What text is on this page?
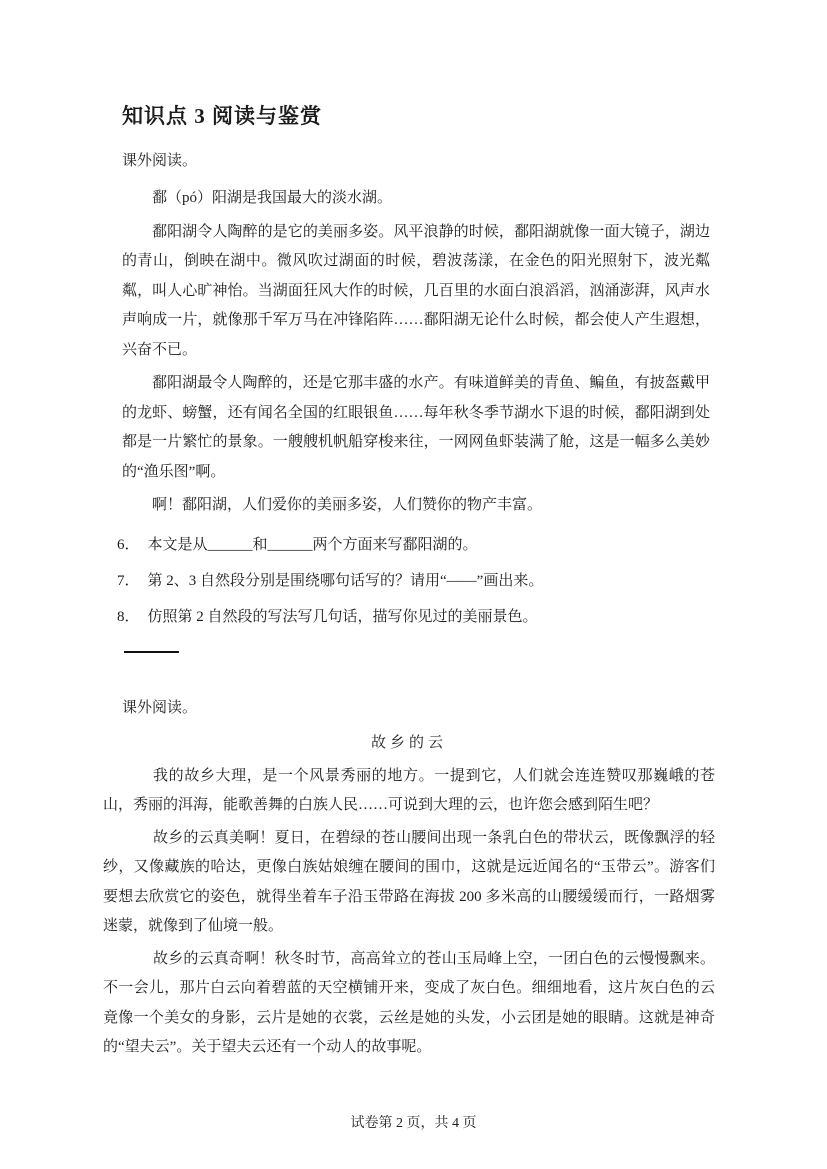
知识点 3 阅读与鉴赏
课外阅读。

鄱（pó）阳湖是我国最大的淡水湖。

鄱阳湖令人陶醉的是它的美丽多姿。风平浪静的时候，鄱阳湖就像一面大镜子，湖边的青山，倒映在湖中。微风吹过湖面的时候，碧波荡漾，在金色的阳光照射下，波光粼粼，叫人心旷神怡。当湖面狂风大作的时候，几百里的水面白浪滔滔，汹涌澎湃，风声水声响成一片，就像那千军万马在冲锋陷阵……鄱阳湖无论什么时候，都会使人产生遐想，兴奋不已。

鄱阳湖最令人陶醉的，还是它那丰盛的水产。有味道鲜美的青鱼、鳊鱼，有披盔戴甲的龙虾、螃蟹，还有闻名全国的红眼银鱼……每年秋冬季节湖水下退的时候，鄱阳湖到处都是一片繁忙的景象。一艘艘机帆船穿梭来往，一网网鱼虾装满了舱，这是一幅多么美妙的“渔乐图”啊。

啊！鄱阳湖，人们爱你的美丽多姿，人们赞你的物产丰富。

6． 本文是从______和______两个方面来写鄱阳湖的。
7． 第 2、3 自然段分别是围绕哪句话写的？请用“——”画出来。
8． 仿照第 2 自然段的写法写几句话，描写你见过的美丽景色。
课外阅读。
故乡的云

我的故乡大理，是一个风景秀丽的地方。一提到它，人们就会连连赞叹那巍峨的苍山，秀丽的洱海，能歌善舞的白族人民……可说到大理的云，也许您会感到陌生吧？

故乡的云真美啊！夏日，在碧绿的苍山腰间出现一条乳白色的带状云，既像飘浮的轻纱，又像藏族的哈达，更像白族姑娘缠在腰间的围巾，这就是远近闻名的“玉带云”。游客们要想去欣赏它的姿色，就得坐着车子沿玉带路在海拔 200 多米高的山腰缓缓而行，一路烟雾迷蒙，就像到了仙境一般。

故乡的云真奇啊！秋冬时节，高高耸立的苍山玉局峰上空，一团白色的云慢慢飘来。不一会儿，那片白云向着碧蓝的天空横铺开来，变成了灰白色。细细地看，这片灰白色的云竟像一个美女的身影，云片是她的衣裳，云丝是她的头发，小云团是她的眼睛。这就是神奇的“望夫云”。关于望夫云还有一个动人的故事呢。

试卷第 2 页，共 4 页
